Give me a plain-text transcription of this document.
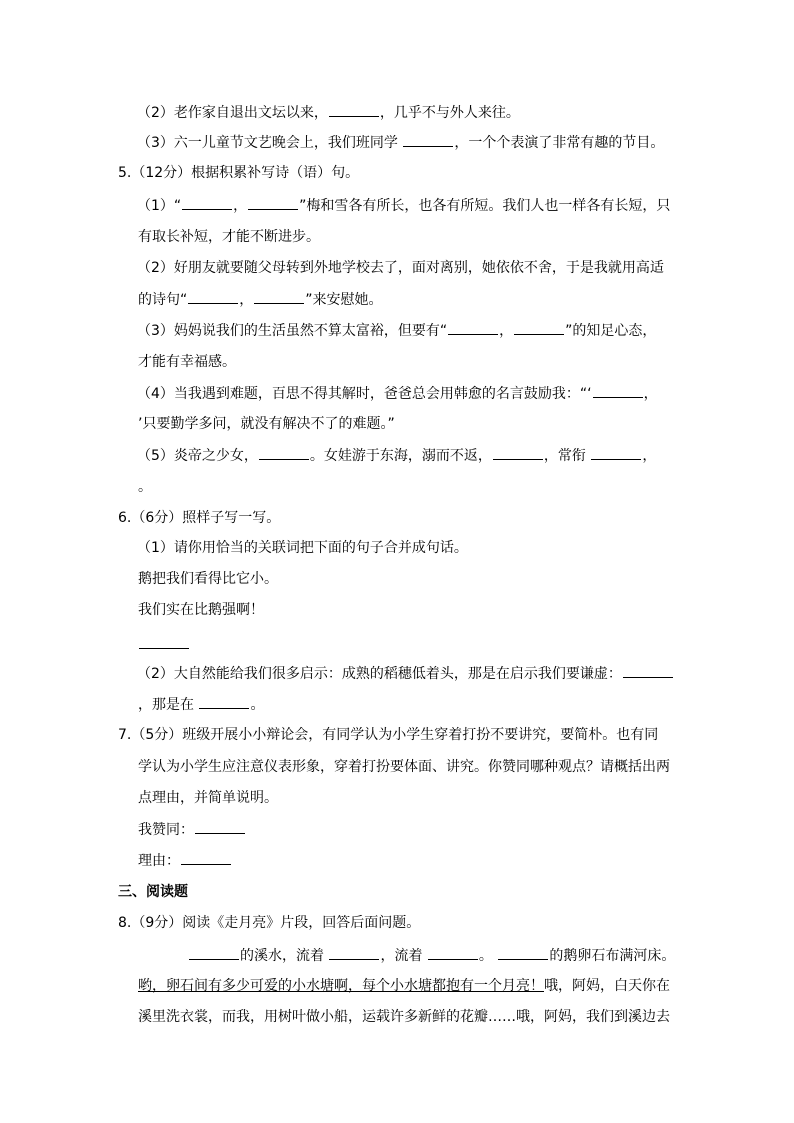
（2）老作家自退出文坛以来，	，几乎不与外人来往。
（3）六一儿童节文艺晚会上，我们班同学	，一个个表演了非常有趣的节目。
5.（12分）根据积累补写诗（语）句。
（1）“	，	”梅和雪各有所长，也各有所短。我们人也一样各有长短，只
有取长补短，才能不断进步。
（2）好朋友就要随父母转到外地学校去了，面对离别，她依依不舍，于是我就用高适
的诗句“	，	”来安慰她。
（3）妈妈说我们的生活虽然不算太富裕，但要有“	，	”的知足心态，
才能有幸福感。
（4）当我遇到难题，百思不得其解时，爸爸总会用韩愈的名言鼓励我：“‘	，
’只要勤学多问，就没有解决不了的难题。”
（5）炎帝之少女，	。女娃游于东海，溺而不返，	，常衔	，
。
6.（6分）照样子写一写。
（1）请你用恰当的关联词把下面的句子合并成句话。
鹅把我们看得比它小。
我们实在比鹅强啊！
（2）大自然能给我们很多启示：成熟的稻穗低着头，那是在启示我们要谦虚：
，那是在	。
7.（5分）班级开展小小辩论会，有同学认为小学生穿着打扮不要讲究，要简朴。也有同
学认为小学生应注意仪表形象，穿着打扮要体面、讲究。你赞同哪种观点？请概括出两
点理由，并简单说明。
我赞同：
理由：
三、阅读题
8.（9分）阅读《走月亮》片段，回答后面问题。
的溪水，流着	，流着	。	的鹅卵石布满河床。
哟，卵石间有多少可爱的小水塘啊，每个小水塘都抱有一个月亮！哦，阿妈，白天你在
溪里洗衣裳，而我，用树叶做小船，运载许多新鲜的花瓣……哦，阿妈，我们到溪边去
